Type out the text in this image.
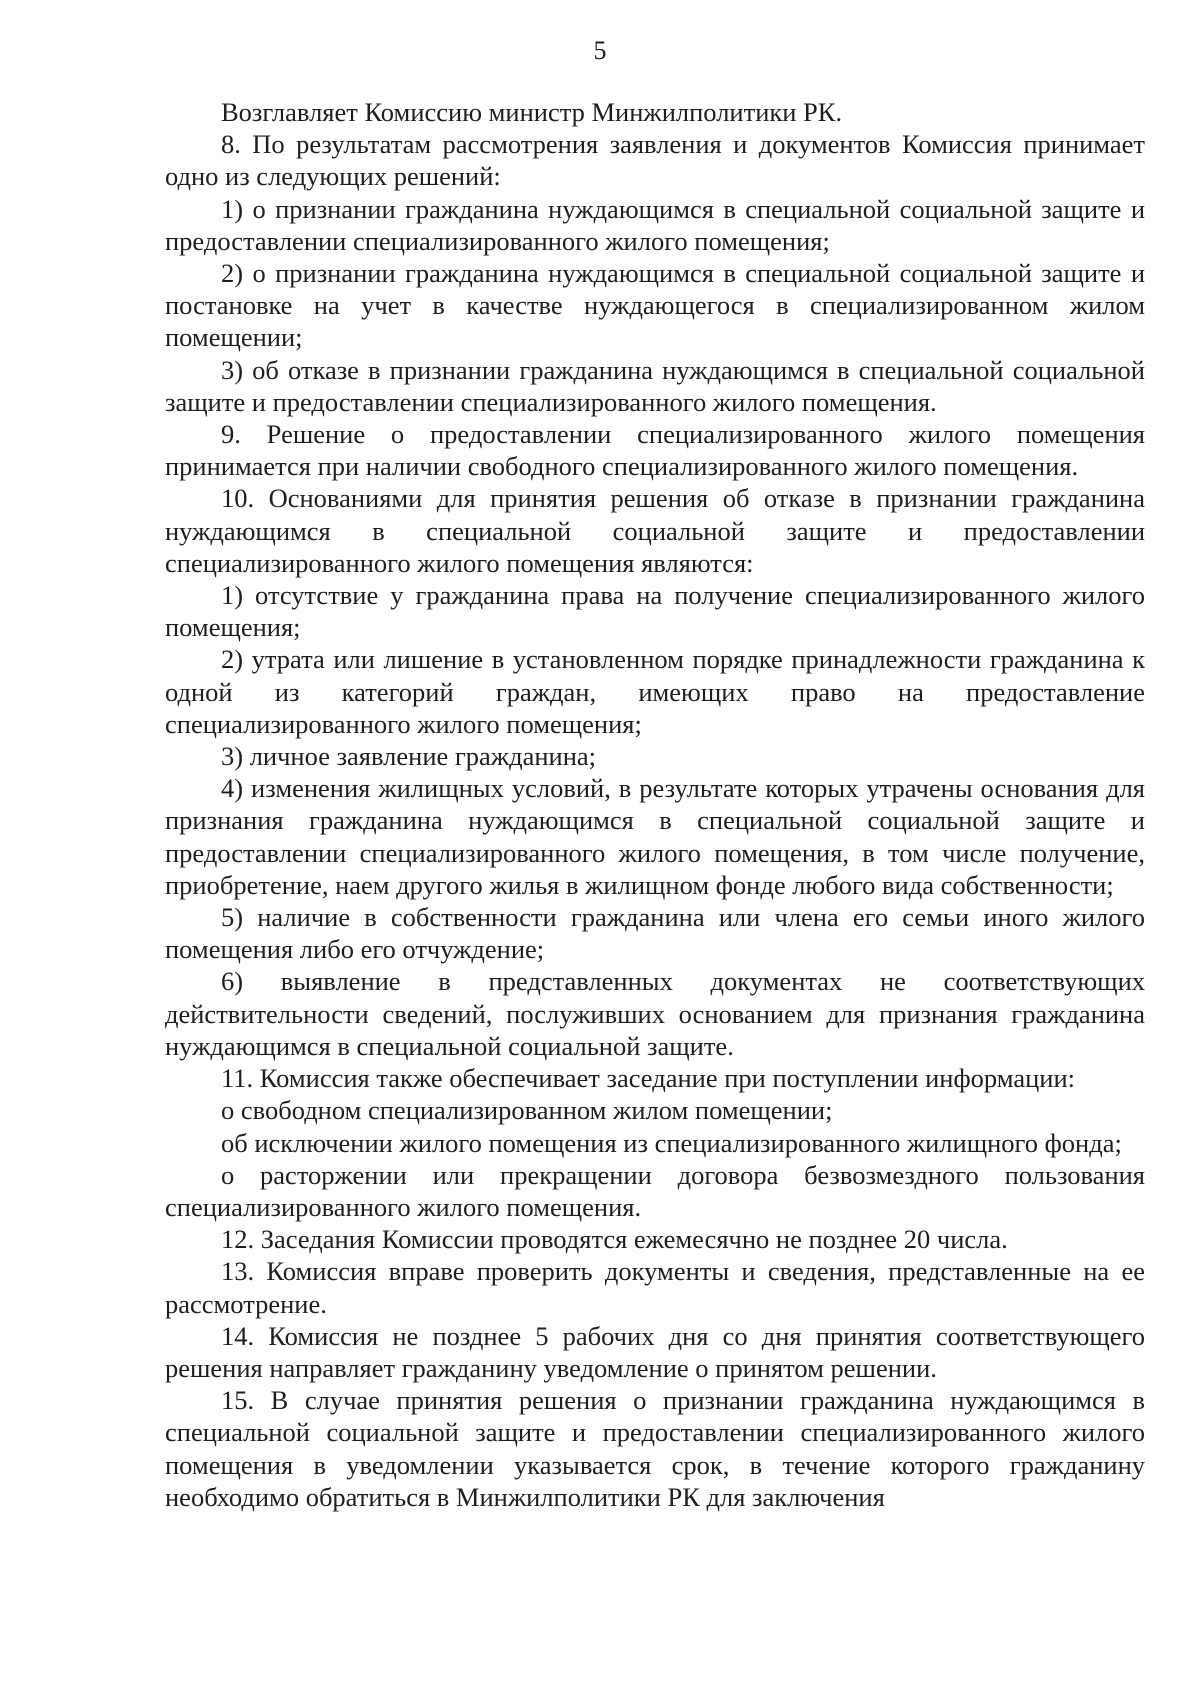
5

Возглавляет Комиссию министр Минжилполитики РК.

8. По результатам рассмотрения заявления и документов Комиссия принимает одно из следующих решений:

1) о признании гражданина нуждающимся в специальной социальной защите и предоставлении специализированного жилого помещения;

2) о признании гражданина нуждающимся в специальной социальной защите и постановке на учет в качестве нуждающегося в специализированном жилом помещении;

3) об отказе в признании гражданина нуждающимся в специальной социальной защите и предоставлении специализированного жилого помещения.

9. Решение о предоставлении специализированного жилого помещения принимается при наличии свободного специализированного жилого помещения.

10. Основаниями для принятия решения об отказе в признании гражданина нуждающимся в специальной социальной защите и предоставлении специализированного жилого помещения являются:

1) отсутствие у гражданина права на получение специализированного жилого помещения;

2) утрата или лишение в установленном порядке принадлежности гражданина к одной из категорий граждан, имеющих право на предоставление специализированного жилого помещения;

3) личное заявление гражданина;

4) изменения жилищных условий, в результате которых утрачены основания для признания гражданина нуждающимся в специальной социальной защите и предоставлении специализированного жилого помещения, в том числе получение, приобретение, наем другого жилья в жилищном фонде любого вида собственности;

5) наличие в собственности гражданина или члена его семьи иного жилого помещения либо его отчуждение;

6) выявление в представленных документах не соответствующих действительности сведений, послуживших основанием для признания гражданина нуждающимся в специальной социальной защите.

11. Комиссия также обеспечивает заседание при поступлении информации:

о свободном специализированном жилом помещении;

об исключении жилого помещения из специализированного жилищного фонда;

о расторжении или прекращении договора безвозмездного пользования специализированного жилого помещения.

12. Заседания Комиссии проводятся ежемесячно не позднее 20 числа.

13. Комиссия вправе проверить документы и сведения, представленные на ее рассмотрение.

14. Комиссия не позднее 5 рабочих дня со дня принятия соответствующего решения направляет гражданину уведомление о принятом решении.

15. В случае принятия решения о признании гражданина нуждающимся в специальной социальной защите и предоставлении специализированного жилого помещения в уведомлении указывается срок, в течение которого гражданину необходимо обратиться в Минжилполитики РК для заключения
